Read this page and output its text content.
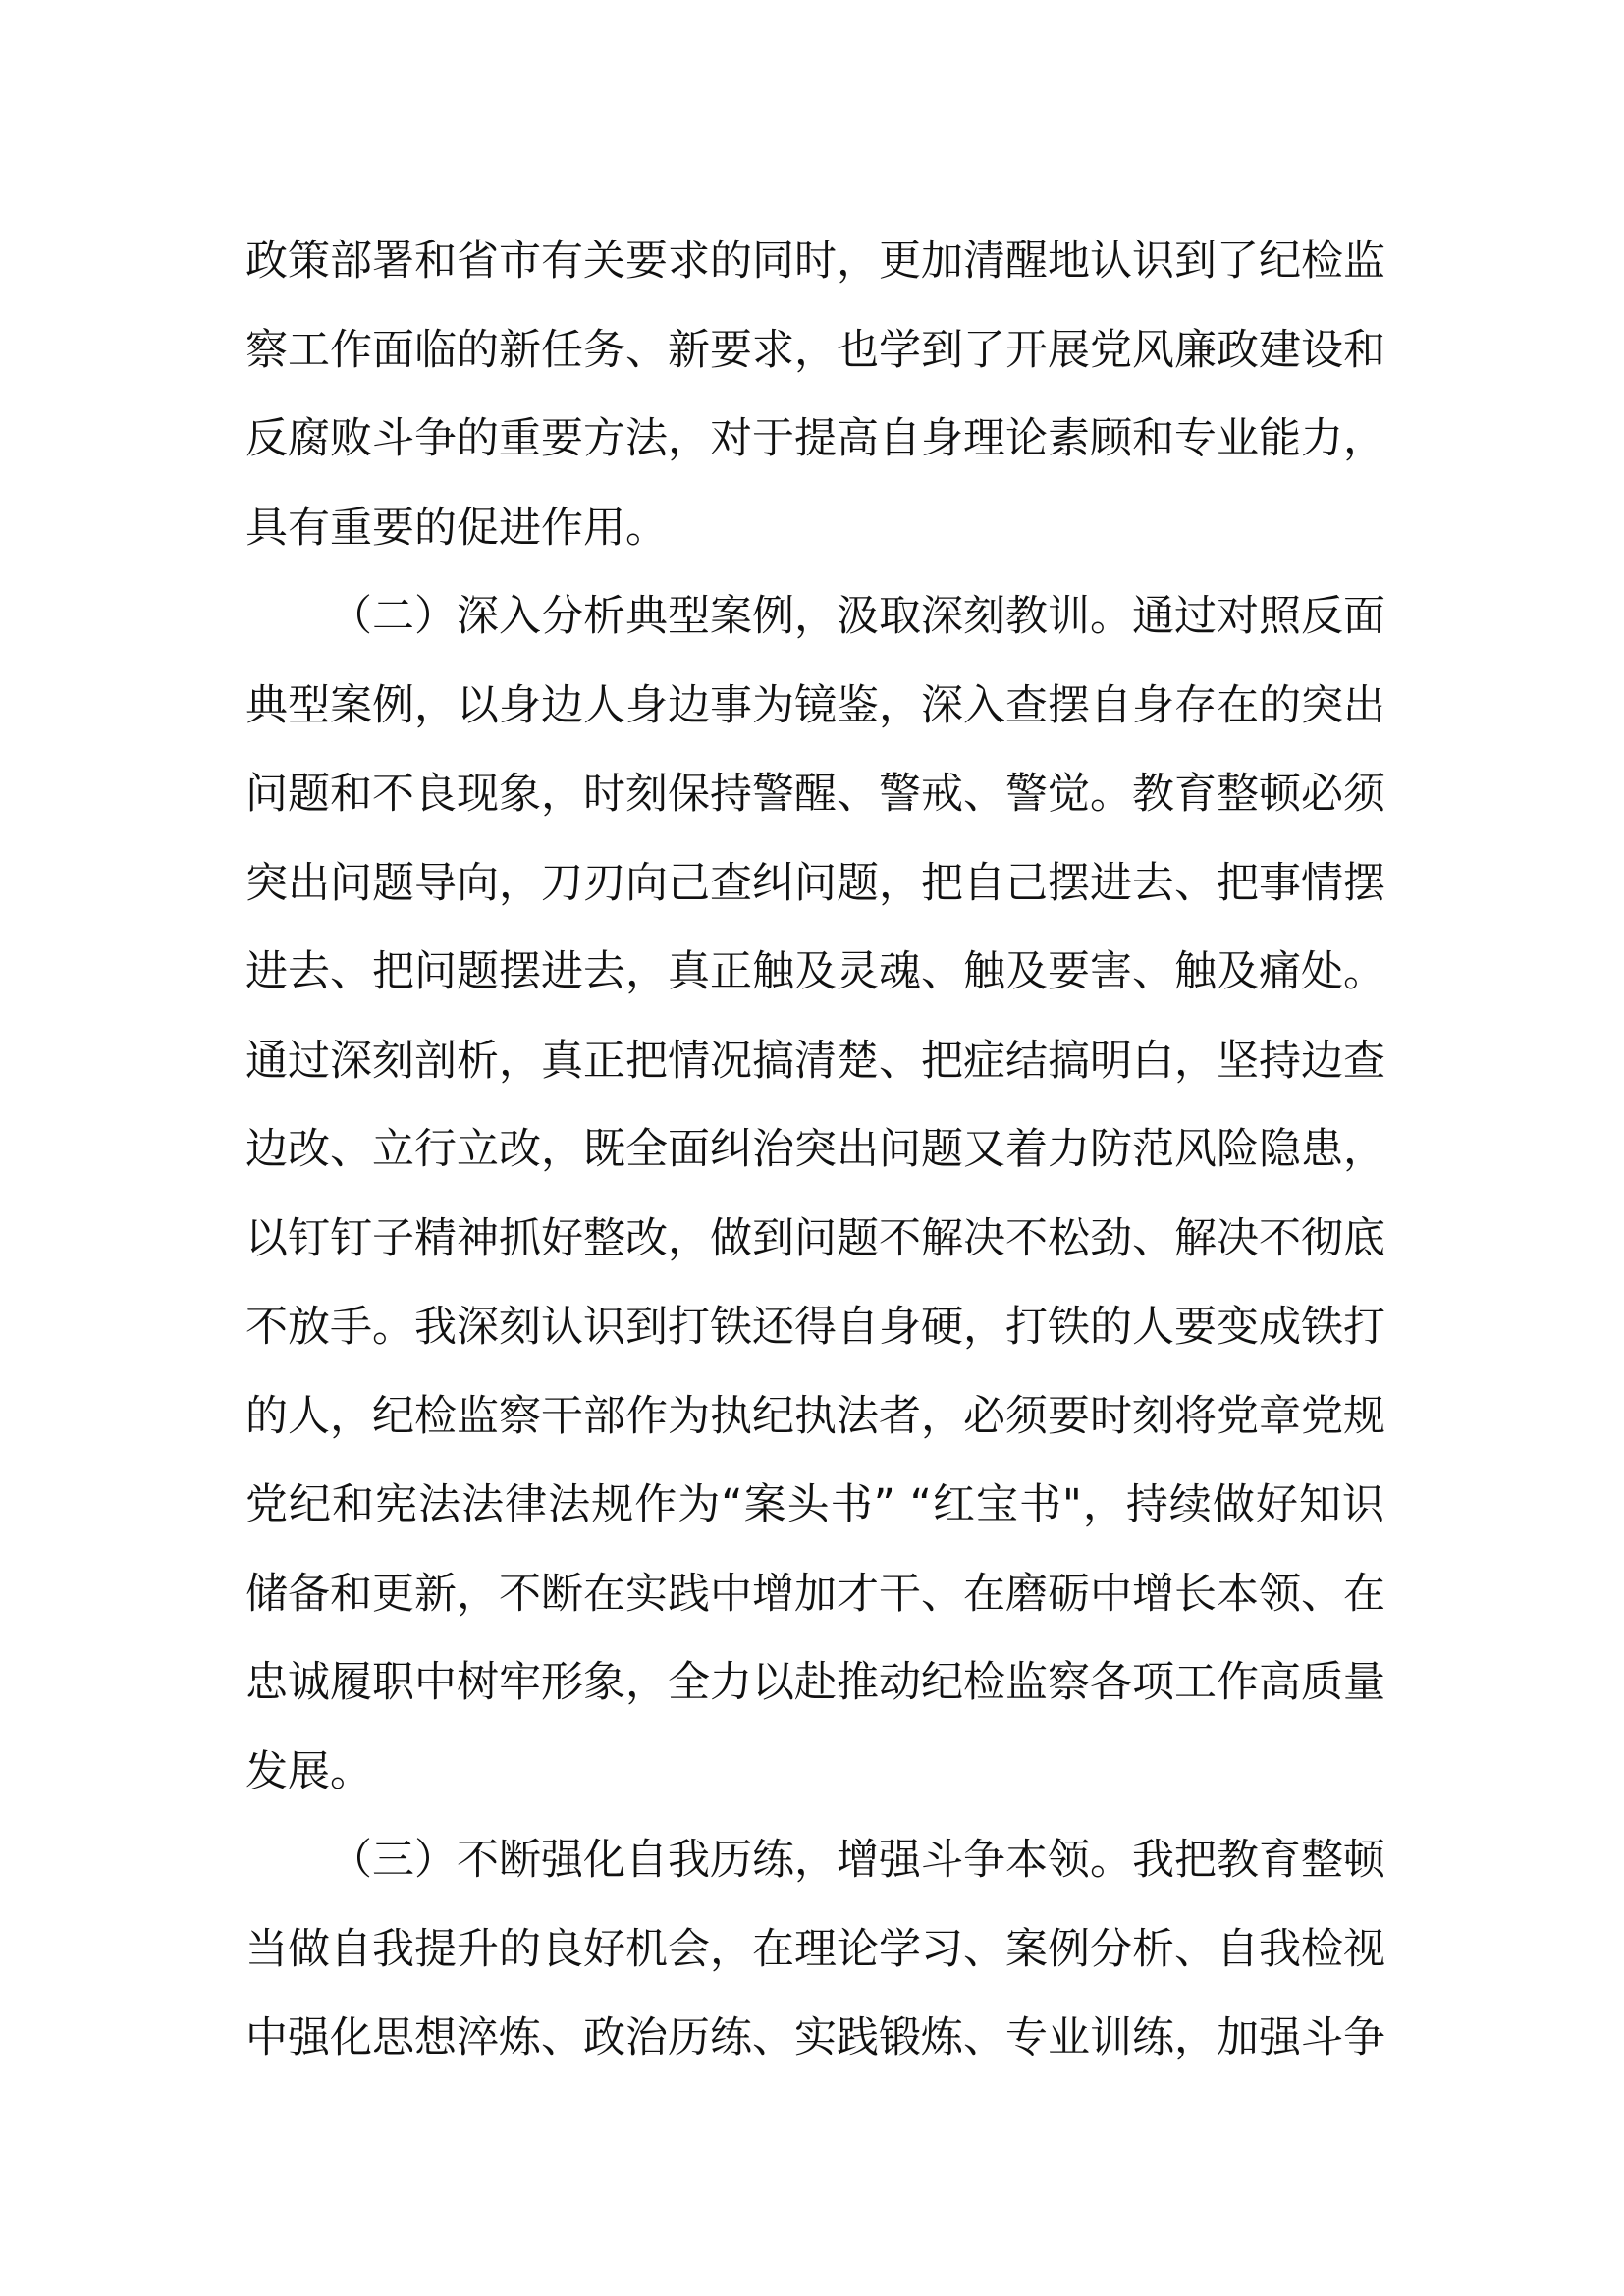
政策部署和省市有关要求的同时，更加清醒地认识到了纪检监
察工作面临的新任务、新要求，也学到了开展党风廉政建设和
反腐败斗争的重要方法，对于提高自身理论素顾和专业能力，
具有重要的促进作用。
（二）深入分析典型案例，汲取深刻教训。通过对照反面
典型案例，以身边人身边事为镜鉴，深入查摆自身存在的突出
问题和不良现象，时刻保持警醒、警戒、警觉。教育整顿必须
突出问题导向，刀刃向己查纠问题，把自己摆进去、把事情摆
进去、把问题摆进去，真正触及灵魂、触及要害、触及痛处。
通过深刻剖析，真正把情况搞清楚、把症结搞明白，坚持边查
边改、立行立改，既全面纠治突出问题又着力防范风险隐患，
以钉钉子精神抓好整改，做到问题不解决不松劲、解决不彻底
不放手。我深刻认识到打铁还得自身硬，打铁的人要变成铁打
的人，纪检监察干部作为执纪执法者，必须要时刻将党章党规
党纪和宪法法律法规作为“案头书” “红宝书"，持续做好知识
储备和更新，不断在实践中增加才干、在磨砺中增长本领、在
忠诚履职中树牢形象，全力以赴推动纪检监察各项工作高质量
发展。
（三）不断强化自我历练，增强斗争本领。我把教育整顿
当做自我提升的良好机会，在理论学习、案例分析、自我检视
中强化思想淬炼、政治历练、实践锻炼、专业训练，加强斗争
